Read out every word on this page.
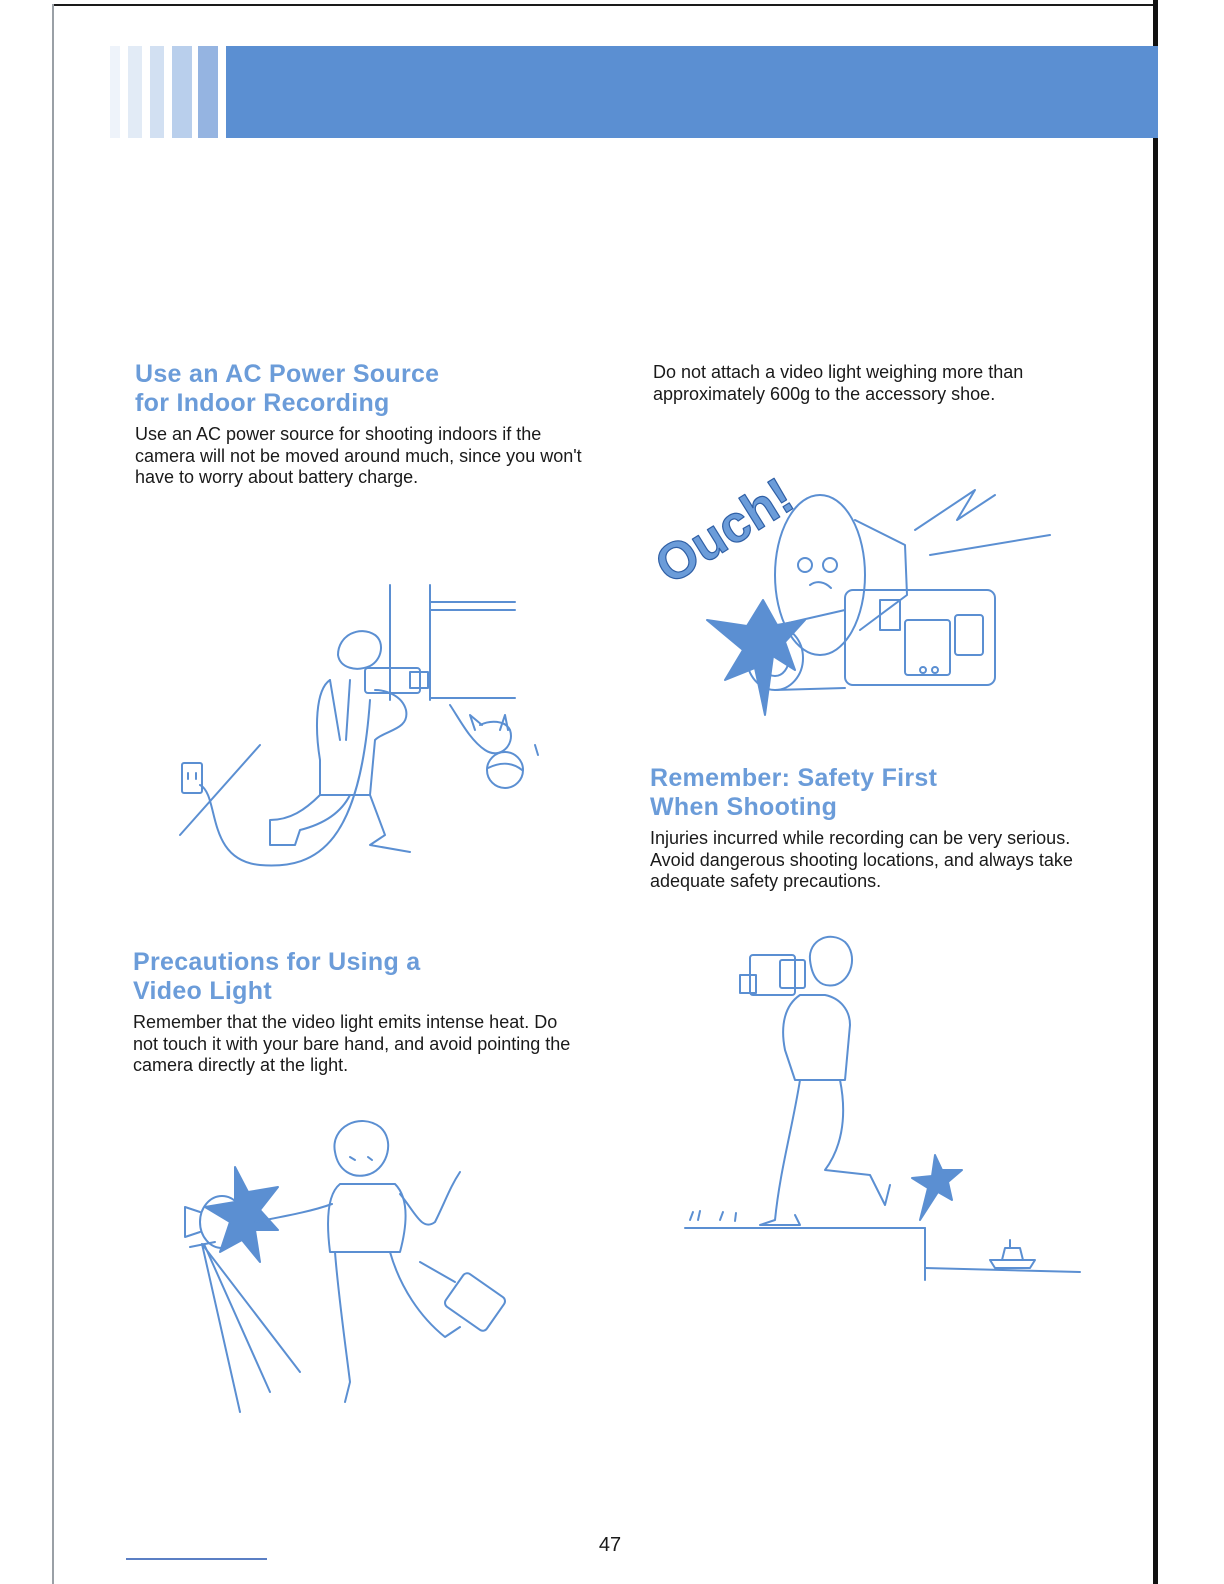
Use an AC Power Source
for Indoor Recording

Use an AC power source for shooting indoors if the camera will not be moved around much, since you won't have to worry about battery charge.

Do not attach a video light weighing more than approximately 600g to the accessory shoe.

Remember: Safety First
When Shooting

Injuries incurred while recording can be very serious. Avoid dangerous shooting locations, and always take adequate safety precautions.

Precautions for Using a
Video Light

Remember that the video light emits intense heat. Do not touch it with your bare hand, and avoid pointing the camera directly at the light.

Ouch!
47
